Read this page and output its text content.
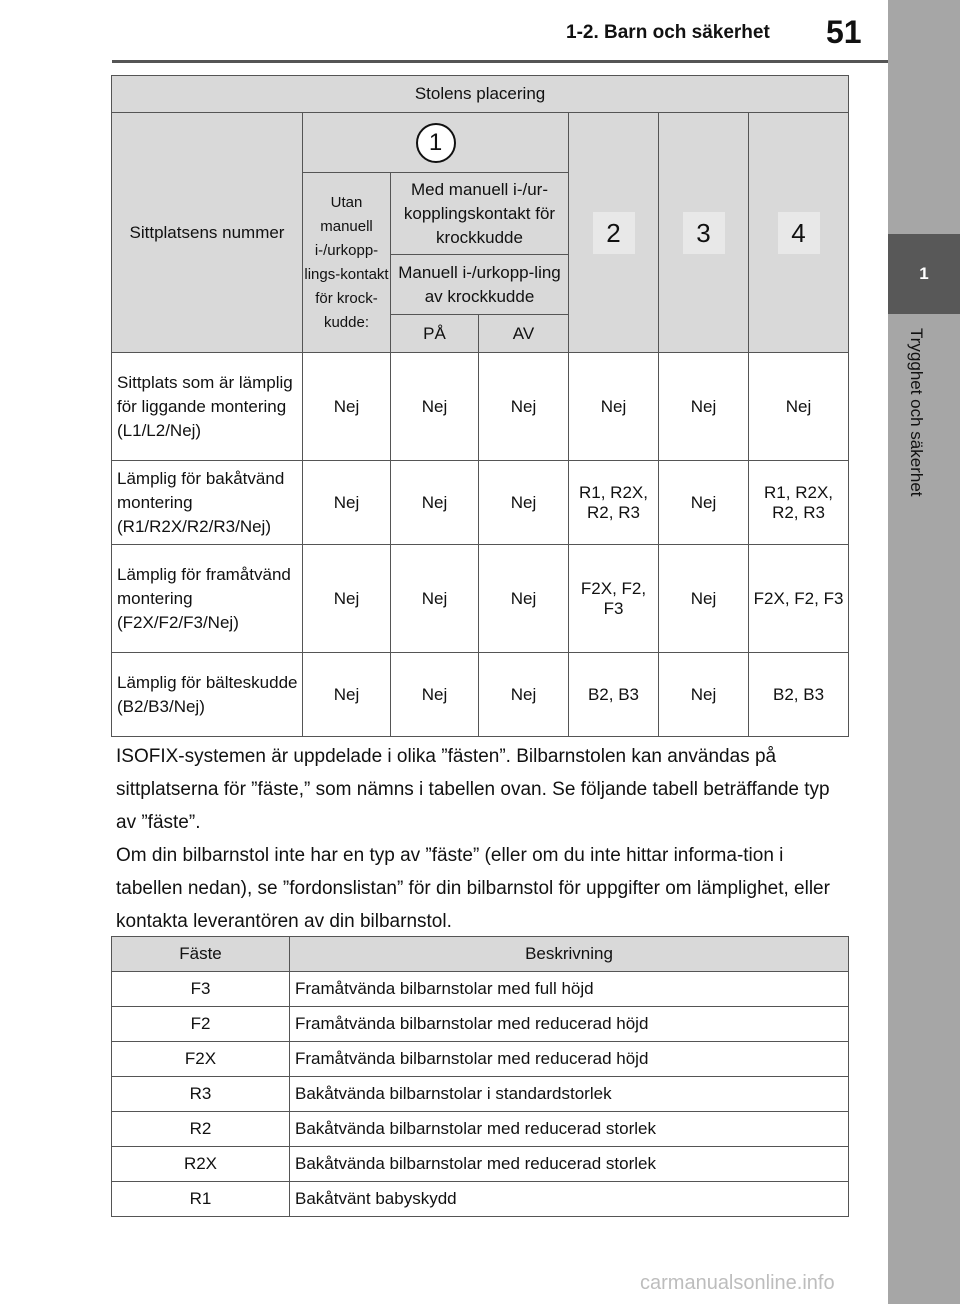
1-2. Barn och säkerhet 51
1
Trygghet och säkerhet
Stolens placering						
Sittplatsens nummer	1			2	3	4
	Utan manuell i-/urkopp-lings-kontakt för krock-kudde:	Med manuell i-/ur-kopplingskontakt för krockkudde				
		Manuell i-/urkopp-ling av krockkudde				
		PÅ	AV			
Sittplats som är lämplig för liggande montering (L1/L2/Nej)	Nej	Nej	Nej	Nej	Nej	Nej
Lämplig för bakåtvänd montering (R1/R2X/R2/R3/Nej)	Nej	Nej	Nej	R1, R2X, R2, R3	Nej	R1, R2X, R2, R3
Lämplig för framåtvänd montering (F2X/F2/F3/Nej)	Nej	Nej	Nej	F2X, F2, F3	Nej	F2X, F2, F3
Lämplig för bälteskudde (B2/B3/Nej)	Nej	Nej	Nej	B2, B3	Nej	B2, B3

ISOFIX-systemen är uppdelade i olika ”fästen”. Bilbarnstolen kan användas på sittplatserna för ”fäste,” som nämns i tabellen ovan. Se följande tabell beträffande typ av ”fäste”.

Om din bilbarnstol inte har en typ av ”fäste” (eller om du inte hittar informa-tion i tabellen nedan), se ”fordonslistan” för din bilbarnstol för uppgifter om lämplighet, eller kontakta leverantören av din bilbarnstol.

Fäste	Beskrivning
F3	Framåtvända bilbarnstolar med full höjd
F2	Framåtvända bilbarnstolar med reducerad höjd
F2X	Framåtvända bilbarnstolar med reducerad höjd
R3	Bakåtvända bilbarnstolar i standardstorlek
R2	Bakåtvända bilbarnstolar med reducerad storlek
R2X	Bakåtvända bilbarnstolar med reducerad storlek
R1	Bakåtvänt babyskydd
carmanualsonline.info
